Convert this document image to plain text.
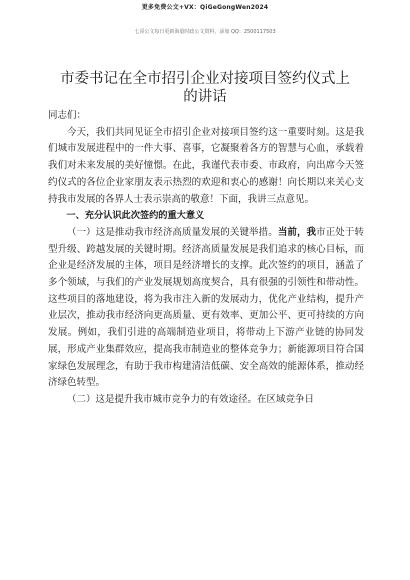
更多免费公文+VX：QiGeGongWen2024
七哥公文每日更新海量时政公文资料，添加 QQ：2500117503
市委书记在全市招引企业对接项目签约仪式上的讲话

同志们：

今天，我们共同见证全市招引企业对接项目签约这一重要时刻。这是我们城市发展进程中的一件大事、喜事，它凝聚着各方的智慧与心血，承载着我们对未来发展的美好憧憬。在此，我谨代表市委、市政府，向出席今天签约仪式的各位企业家朋友表示热烈的欢迎和衷心的感谢！向长期以来关心支持我市发展的各界人士表示崇高的敬意！下面，我讲三点意见。

一、充分认识此次签约的重大意义

（一）这是推动我市经济高质量发展的关键举措。当前，我市正处于转型升级、跨越发展的关键时期。经济高质量发展是我们追求的核心目标，而企业是经济发展的主体，项目是经济增长的支撑。此次签约的项目，涵盖了多个领域，与我们的产业发展规划高度契合，具有很强的引领性和带动性。这些项目的落地建设，将为我市注入新的发展动力，优化产业结构，提升产业层次，推动我市经济向更高质量、更有效率、更加公平、更可持续的方向发展。例如，我们引进的高端制造业项目，将带动上下游产业链的协同发展，形成产业集群效应，提高我市制造业的整体竞争力；新能源项目符合国家绿色发展理念，有助于我市构建清洁低碳、安全高效的能源体系，推动经济绿色转型。

（二）这是提升我市城市竞争力的有效途径。在区域竞争日
